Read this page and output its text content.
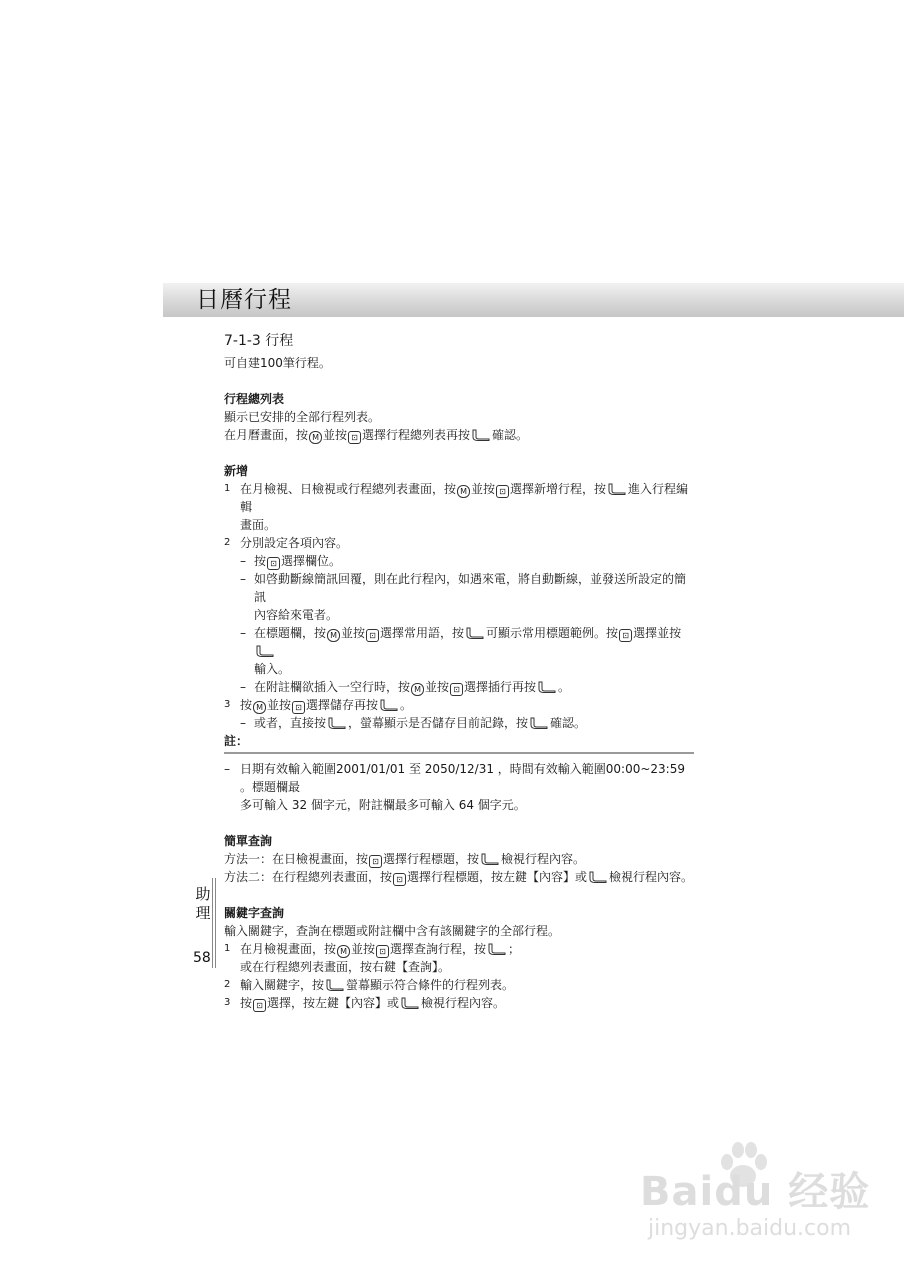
日曆行程

7-1-3 行程

可自建100筆行程。

行程總列表

顯示已安排的全部行程列表。

在月曆畫面，按 M 並按 ⊡ 選擇行程總列表再按 確認。

新增

1 在月檢視、日檢視或行程總列表畫面，按 M 並按 ⊡ 選擇新增行程，按 進入行程編輯

畫面。

2 分別設定各項內容。
– 按 ⊡ 選擇欄位。
– 如啓動斷線簡訊回覆，則在此行程內，如遇來電，將自動斷線，並發送所設定的簡訊
內容給來電者。
– 在標題欄，按 M 並按 ⊡ 選擇常用語，按 可顯示常用標題範例。按 ⊡ 選擇並按
輸入。
– 在附註欄欲插入一空行時，按 M 並按 ⊡ 選擇插行再按 。
3 按 M 並按 ⊡ 選擇儲存再按 。
– 或者，直接按 ，螢幕顯示是否儲存目前記錄，按 確認。

註：

– 日期有效輸入範圍2001/01/01 至 2050/12/31 ，時間有效輸入範圍00:00~23:59 。標題欄最
多可輸入 32 個字元，附註欄最多可輸入 64 個字元。

簡單查詢

方法一：在日檢視畫面，按 ⊡ 選擇行程標題，按 檢視行程內容。

方法二：在行程總列表畫面，按 ⊡ 選擇行程標題，按左鍵【內容】或 檢視行程內容。

關鍵字查詢

輸入關鍵字，查詢在標題或附註欄中含有該關鍵字的全部行程。

1 在月檢視畫面，按 M 並按 ⊡ 選擇查詢行程，按 ；

或在行程總列表畫面，按右鍵【查詢】。

2 輸入關鍵字，按 螢幕顯示符合條件的行程列表。
3 按 ⊡ 選擇，按左鍵【內容】或 檢視行程內容。
助
理
58
Baidu 经验
jingyan.baidu.com
